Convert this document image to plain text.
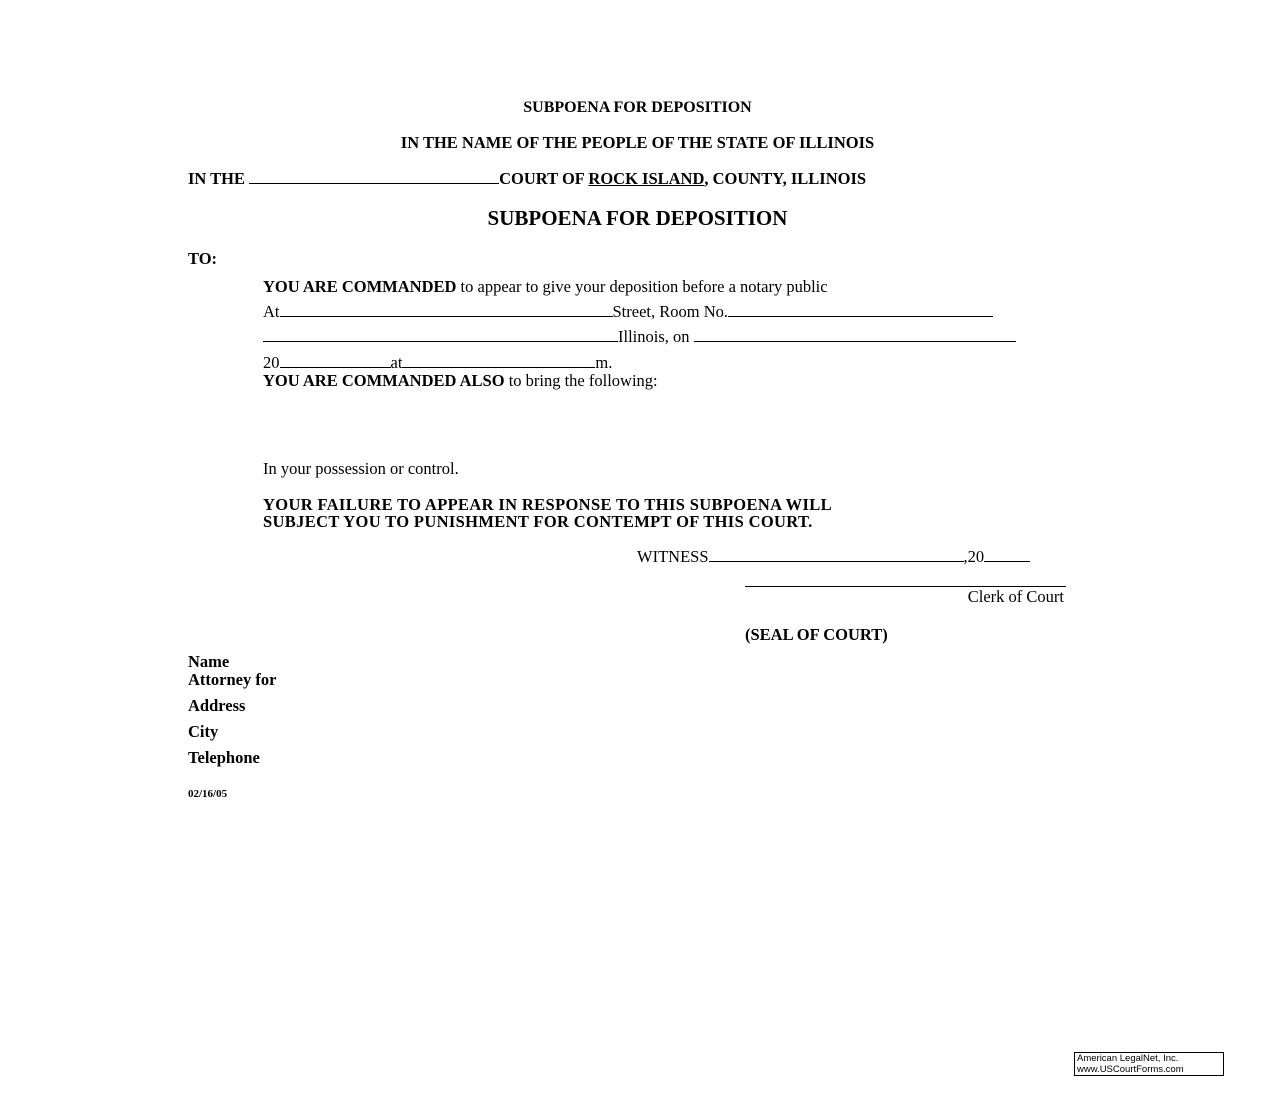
SUBPOENA FOR DEPOSITION
IN THE NAME OF THE PEOPLE OF THE STATE OF ILLINOIS
IN THE	COURT OF ROCK ISLAND, COUNTY, ILLINOIS
SUBPOENA FOR DEPOSITION
TO:
YOU ARE COMMANDED to appear to give your deposition before a notary public
At	Street, Room No.
Illinois, on
20	at	m.
YOU ARE COMMANDED ALSO to bring the following:
In your possession or control.
YOUR FAILURE TO APPEAR IN RESPONSE TO THIS SUBPOENA WILL
SUBJECT YOU TO PUNISHMENT FOR CONTEMPT OF THIS COURT.
WITNESS	,20
Clerk of Court
(SEAL OF COURT)
Name
Attorney for
Address
City
Telephone
02/16/05
American LegalNet, Inc.
www.USCourtForms.com
